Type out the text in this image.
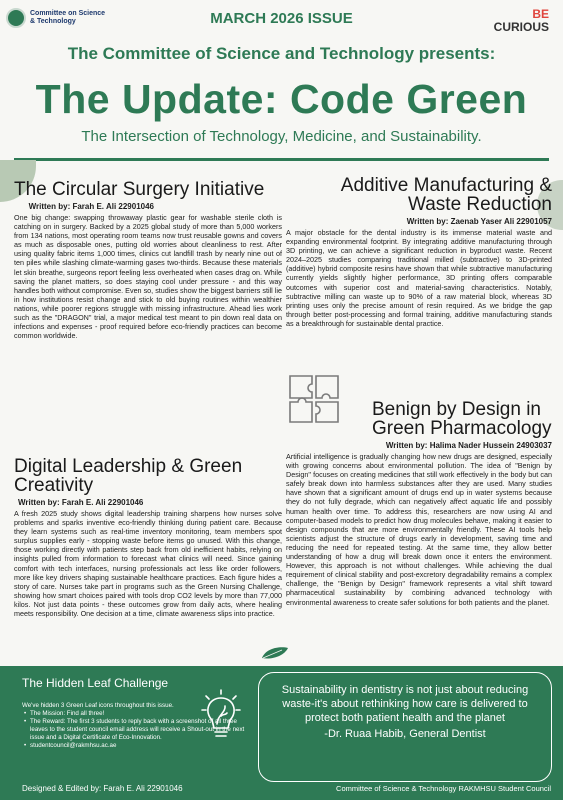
Committee on Science & Technology	MARCH 2026 ISSUE	BE
CURIOUS
The Committee of Science and Technology presents:
The Update: Code Green
The Intersection of Technology, Medicine, and Sustainability.
The Circular Surgery Initiative
Written by: Farah E. Ali 22901046

One big change: swapping throwaway plastic gear for washable sterile cloth is catching on in surgery. Backed by a 2025 global study of more than 5,000 workers from 134 nations, most operating room teams now trust reusable gowns and covers as much as disposable ones, putting old worries about cleanliness to rest. After using quality fabric items 1,000 times, clinics cut landfill trash by nearly nine out of ten piles while slashing climate-warming gases two-thirds. Because these materials let skin breathe, surgeons report feeling less overheated when cases drag on. While saving the planet matters, so does staying cool under pressure - and this way handles both without compromise. Even so, studies show the biggest barriers still lie in how institutions resist change and stick to old buying routines within wealthier nations, while poorer regions struggle with missing infrastructure. Ahead lies work such as the "DRAGON" trial, a major medical test meant to pin down real data on infections and expenses - proof required before eco-friendly practices can become common worldwide.

Additive Manufacturing & Waste Reduction
Written by: Zaenab Yaser Ali 22901057

A major obstacle for the dental industry is its immense material waste and expanding environmental footprint. By integrating additive manufacturing through 3D printing, we can achieve a significant reduction in byproduct waste. Recent 2024–2025 studies comparing traditional milled (subtractive) to 3D-printed (additive) hybrid composite resins have shown that while subtractive manufacturing currently yields slightly higher performance, 3D printing offers comparable outcomes with superior cost and material-saving characteristics. Notably, subtractive milling can waste up to 90% of a raw material block, whereas 3D printing uses only the precise amount of resin required. As we bridge the gap through better post-processing and formal training, additive manufacturing stands as a breakthrough for sustainable dental practice.

Digital Leadership & Green Creativity
Written by: Farah E. Ali 22901046

A fresh 2025 study shows digital leadership training sharpens how nurses solve problems and sparks inventive eco-friendly thinking during patient care. Because they learn systems such as real-time inventory monitoring, team members spot surplus supplies early - stopping waste before items go unused. With this change, those working directly with patients step back from old inefficient habits, relying on insights pulled from information to forecast what clinics will need. Since gaining comfort with tech interfaces, nursing professionals act less like order followers, more like key drivers shaping sustainable healthcare practices. Each figure hides a story of care. Nurses take part in programs such as the Green Nursing Challenge, showing how smart choices paired with tools drop CO2 levels by more than 77,000 kilos. Not just data points - these outcomes grow from daily acts, where healing meets responsibility. One decision at a time, climate awareness slips into practice.

Benign by Design in Green Pharmacology
Written by: Halima Nader Hussein 24903037

Artificial intelligence is gradually changing how new drugs are designed, especially with growing concerns about environmental pollution. The idea of "Benign by Design" focuses on creating medicines that still work effectively in the body but can safely break down into harmless substances after they are used. Many studies have shown that a significant amount of drugs end up in water systems because they do not fully degrade, which can negatively affect aquatic life and possibly human health over time. To address this, researchers are now using AI and computer-based models to predict how drug molecules behave, making it easier to design compounds that are more environmentally friendly. These AI tools help scientists adjust the structure of drugs early in development, saving time and reducing the need for repeated testing. At the same time, they allow better understanding of how a drug will break down once it enters the environment. However, this approach is not without challenges. While achieving the dual requirement of clinical stability and post-excretory degradability remains a complex challenge, the "Benign by Design" framework represents a vital shift toward pharmaceutical sustainability by combining advanced technology with environmental awareness to create safer solutions for both patients and the planet.

The Hidden Leaf Challenge
We've hidden 3 Green Leaf icons throughout this issue.
• The Mission: Find all three!
• The Reward: The first 3 students to reply back with a screenshot of all three leaves to the student council email address will receive a Shout-out in the next issue and a Digital Certificate of Eco-Innovation.
• studentcouncil@rakmhsu.ac.ae
Sustainability in dentistry is not just about reducing waste-it's about rethinking how care is delivered to protect both patient health and the planet
-Dr. Ruaa Habib, General Dentist
Designed & Edited by: Farah E. Ali 22901046	Committee of Science & Technology RAKMHSU Student Council
